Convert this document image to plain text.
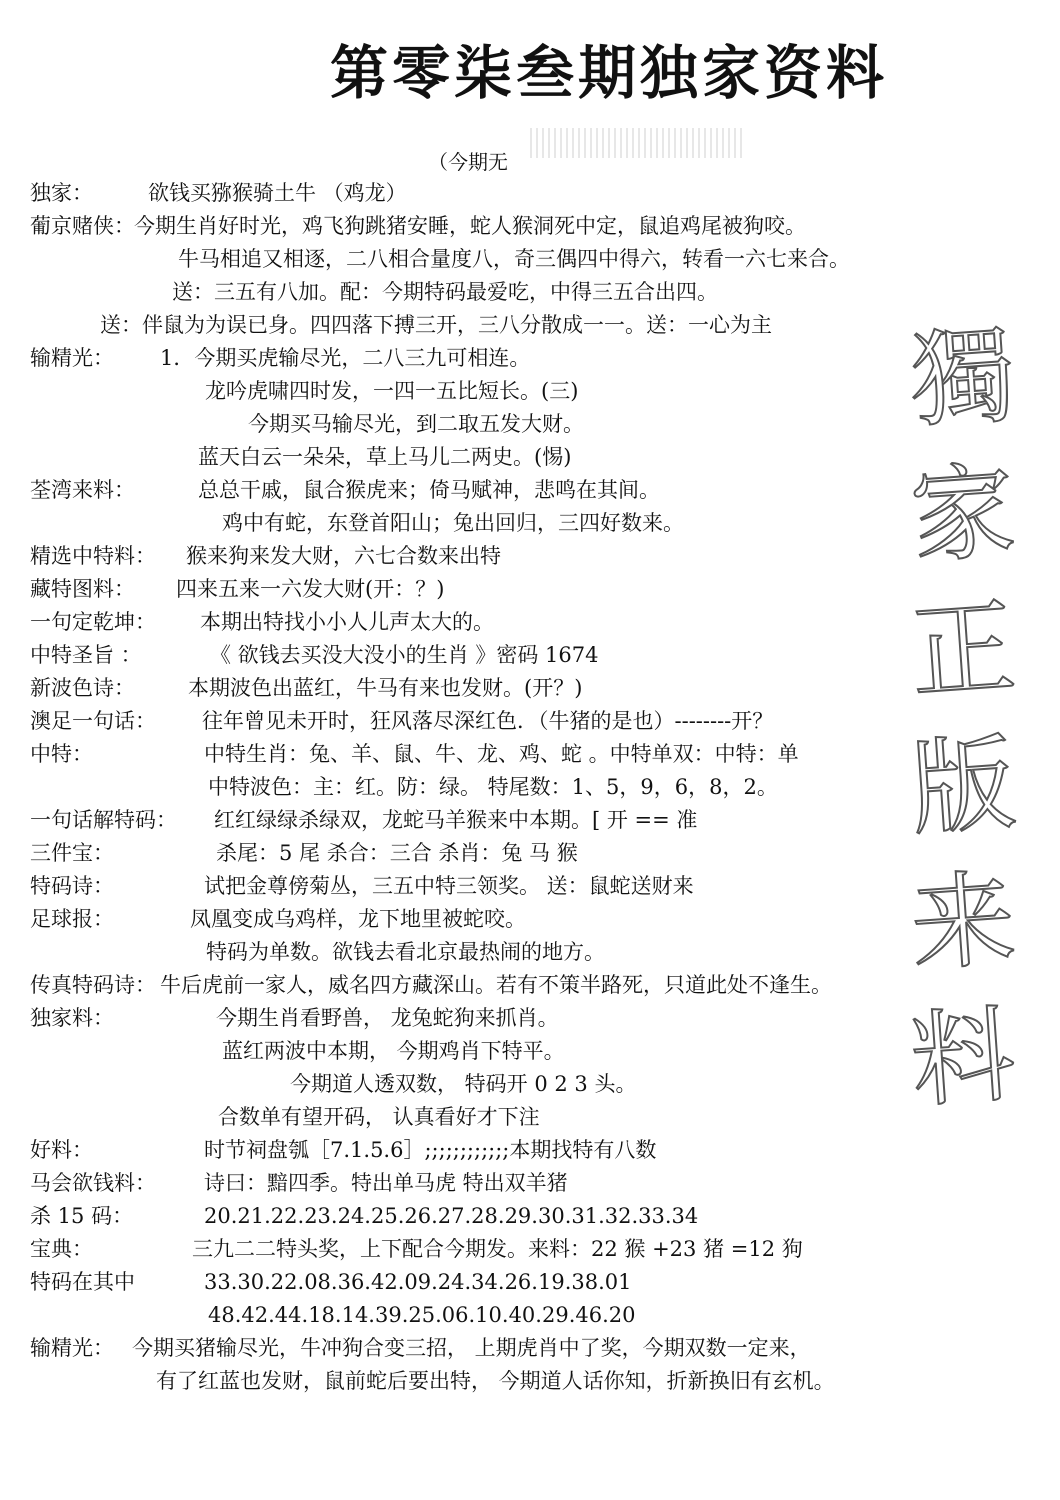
第零柒叁期独家资料
（今期无
獨
家
正
版
来
料
独家：	欲钱买猕猴骑土牛 （鸡龙）
葡京赌侠： 今期生肖好时光，鸡飞狗跳猪安睡，蛇人猴洞死中定，鼠追鸡尾被狗咬。
牛马相追又相逐，二八相合量度八，奇三偶四中得六，转看一六七来合。
送：三五有八加。配：今期特码最爱吃，中得三五合出四。
送：伴鼠为为误已身。四四落下搏三开，三八分散成一一。送：一心为主
输精光： 1．今期买虎输尽光，二八三九可相连。
龙吟虎啸四时发，一四一五比短长。(三)
今期买马输尽光，到二取五发大财。
蓝天白云一朵朵，草上马儿二两史。(惕)
荃湾来料：	总总干戚，鼠合猴虎来；倚马赋神，悲鸣在其间。
鸡中有蛇，东登首阳山；兔出回归，三四好数来。
精选中特料： 猴来狗来发大财，六七合数来出特
藏特图料： 四来五来一六发大财(开：？)
一句定乾坤： 本期出特找小小人儿声太大的。
中特圣旨 ：	《 欲钱去买没大没小的生肖 》密码 1674
新波色诗：	本期波色出蓝红，牛马有来也发财。(开？)
澳足一句话： 往年曾见未开时，狂风落尽深红色．（牛猪的是也）--------开？
中特：	中特生肖：兔、羊、鼠、牛、龙、鸡、蛇 。中特单双：中特：单
中特波色：主：红。防：绿。 特尾数：1、5，9，6，8，2。
一句话解特码： 红红绿绿杀绿双，龙蛇马羊猴来中本期。[ 开 == 准
三件宝：	杀尾：5 尾 杀合：三合 杀肖：兔 马 猴
特码诗：	试把金尊傍菊丛，三五中特三领奖。 送：鼠蛇送财来
足球报：	凤凰变成乌鸡样，龙下地里被蛇咬。
特码为单数。欲钱去看北京最热闹的地方。
传真特码诗： 牛后虎前一家人，威名四方藏深山。若有不策半路死，只道此处不逢生。
独家料：	今期生肖看野兽， 龙兔蛇狗来抓肖。
蓝红两波中本期， 今期鸡肖下特平。
今期道人透双数， 特码开 0 2 3 头。
合数单有望开码， 认真看好才下注
好料：	时节祠盘瓠［7.1.5.6］;;;;;;;;;;;;本期找特有八数
马会欲钱料： 诗曰：黯四季。特出单马虎 特出双羊猪
杀 15 码：	20.21.22.23.24.25.26.27.28.29.30.31.32.33.34
宝典：	三九二二特头奖，上下配合今期发。来料：22 猴 +23 猪 =12 狗
特码在其中	33.30.22.08.36.42.09.24.34.26.19.38.01
48.42.44.18.14.39.25.06.10.40.29.46.20
输精光： 今期买猪输尽光，牛冲狗合变三招， 上期虎肖中了奖，今期双数一定来，
有了红蓝也发财，鼠前蛇后要出特， 今期道人话你知，折新换旧有玄机。
